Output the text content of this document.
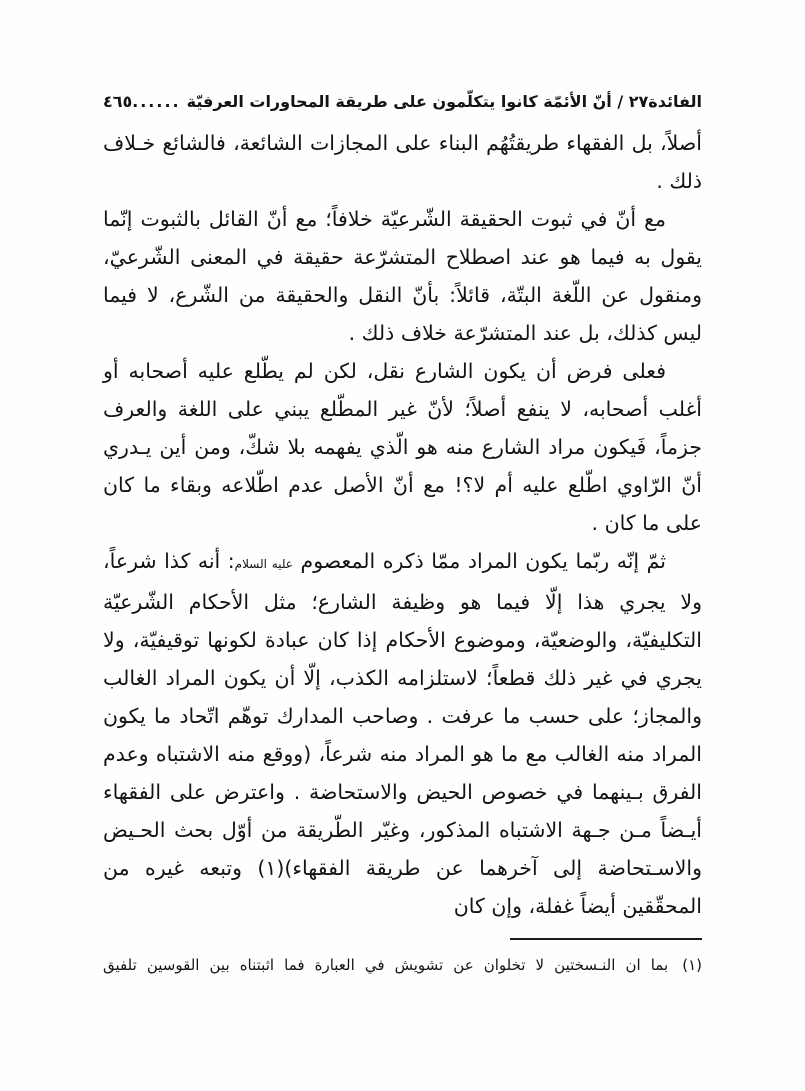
الفائدة٢٧ / أنّ الأئمّة كانوا يتكلّمون على طريقة المحاورات العرفيّة
......
٤٦٥

أصلاً، بل الفقهاء طريقتُهُم البناء على المجازات الشائعة، فالشائع خـلاف ذلك .

مع أنّ في ثبوت الحقيقة الشّرعيّة خلافاً؛ مع أنّ القائل بالثبوت إنّما يقول به فيما هو عند اصطلاح المتشرّعة حقيقة في المعنى الشّرعيّ، ومنقول عن اللّغة البتّة، قائلاً: بأنّ النقل والحقيقة من الشّرع، لا فيما ليس كذلك، بل عند المتشرّعة خلاف ذلك .

فعلى فرض أن يكون الشارع نقل، لكن لم يطّلع عليه أصحابه أو أغلب أصحابه، لا ينفع أصلاً؛ لأنّ غير المطّلع يبني على اللغة والعرف جزماً، فَيكون مراد الشارع منه هو الّذي يفهمه بلا شكّ، ومن أين يـدري أنّ الرّاوي اطّلع عليه أم لا؟! مع أنّ الأصل عدم اطّلاعه وبقاء ما كان على ما كان .

ثمّ إنّه ربّما يكون المراد ممّا ذكره المعصوم عليه السلام: أنه كذا شرعاً، ولا يجري هذا إلّا فيما هو وظيفة الشارع؛ مثل الأحكام الشّرعيّة التكليفيّة، والوضعيّة، وموضوع الأحكام إذا كان عبادة لكونها توقيفيّة، ولا يجري في غير ذلك قطعاً؛ لاستلزامه الكذب، إلّا أن يكون المراد الغالب والمجاز؛ على حسب ما عرفت . وصاحب المدارك توهّم اتّحاد ما يكون المراد منه الغالب مع ما هو المراد منه شرعاً، (ووقع منه الاشتباه وعدم الفرق بـينهما في خصوص الحيض والاستحاضة . واعترض على الفقهاء أيـضاً مـن جـهة الاشتباه المذكور، وغيّر الطّريقة من أوّل بحث الحـيض والاسـتحاضة إلى آخرهما عن طريقة الفقهاء)(١) وتبعه غيره من المحقّقين أيضاً غفلة، وإن كان

(١) بما ان النـسختين لا تخلوان عن تشويش في العبارة فما اثبتناه بين القوسين تلفيق
